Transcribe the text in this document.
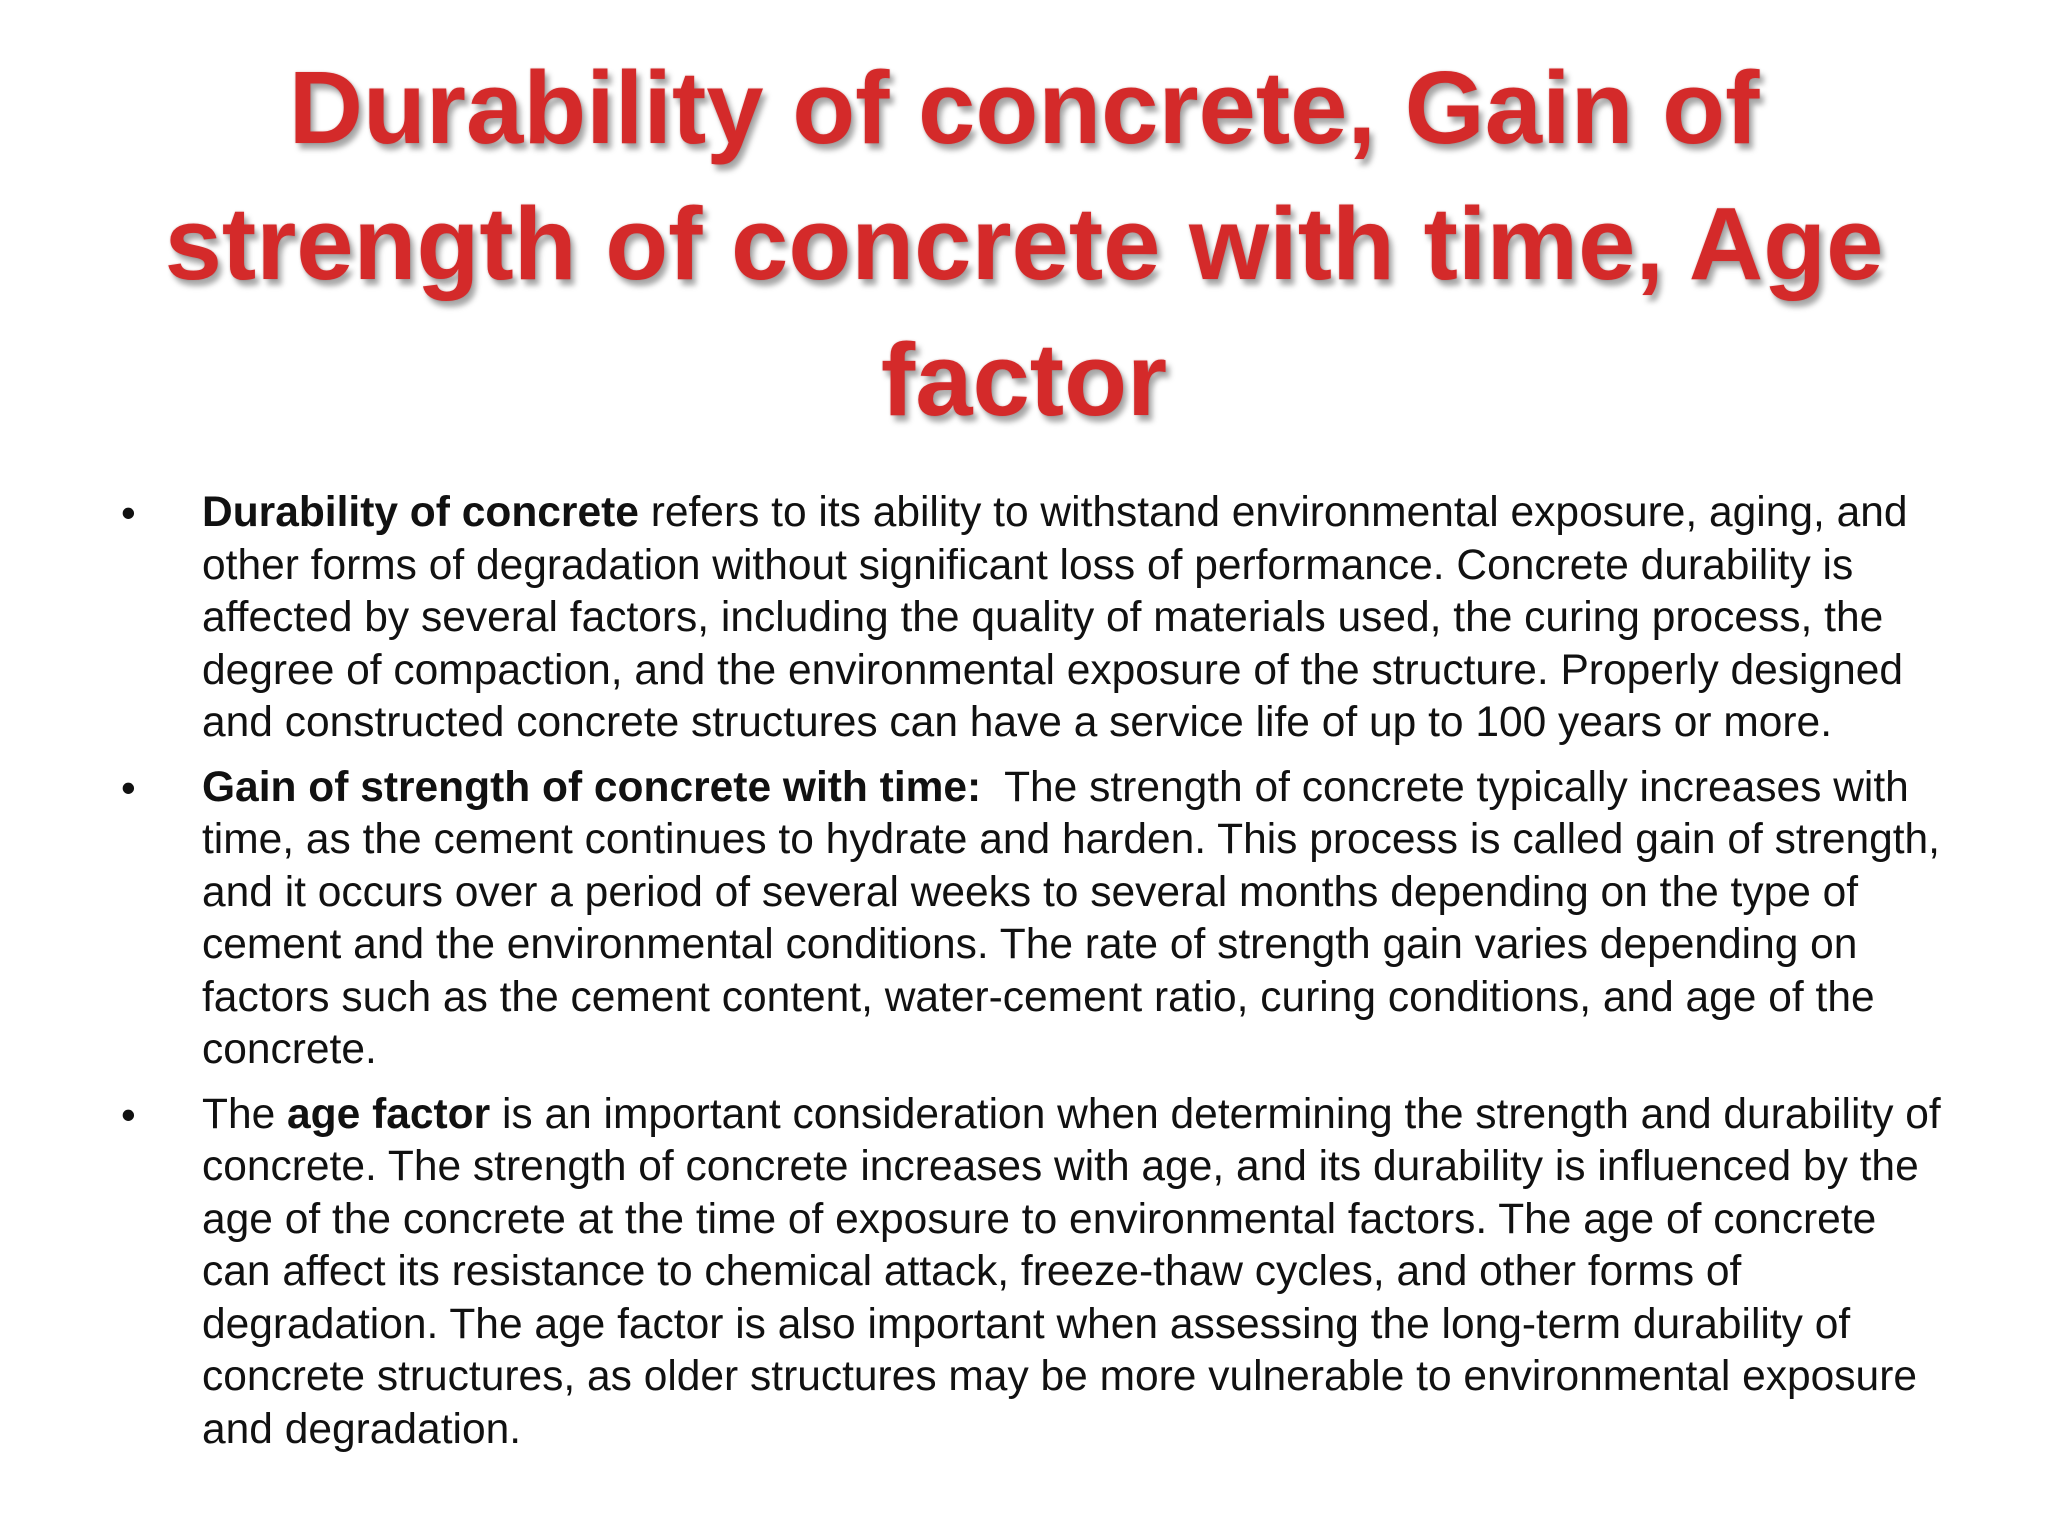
Durability of concrete, Gain of strength of concrete with time, Age factor
•	Durability of concrete refers to its ability to withstand environmental exposure, aging, and other forms of degradation without significant loss of performance. Concrete durability is affected by several factors, including the quality of materials used, the curing process, the degree of compaction, and the environmental exposure of the structure. Properly designed and constructed concrete structures can have a service life of up to 100 years or more.
•	Gain of strength of concrete with time:  The strength of concrete typically increases with time, as the cement continues to hydrate and harden. This process is called gain of strength, and it occurs over a period of several weeks to several months depending on the type of cement and the environmental conditions. The rate of strength gain varies depending on factors such as the cement content, water-cement ratio, curing conditions, and age of the concrete.
•	The age factor is an important consideration when determining the strength and durability of concrete. The strength of concrete increases with age, and its durability is influenced by the age of the concrete at the time of exposure to environmental factors. The age of concrete can affect its resistance to chemical attack, freeze-thaw cycles, and other forms of degradation. The age factor is also important when assessing the long-term durability of concrete structures, as older structures may be more vulnerable to environmental exposure and degradation.
